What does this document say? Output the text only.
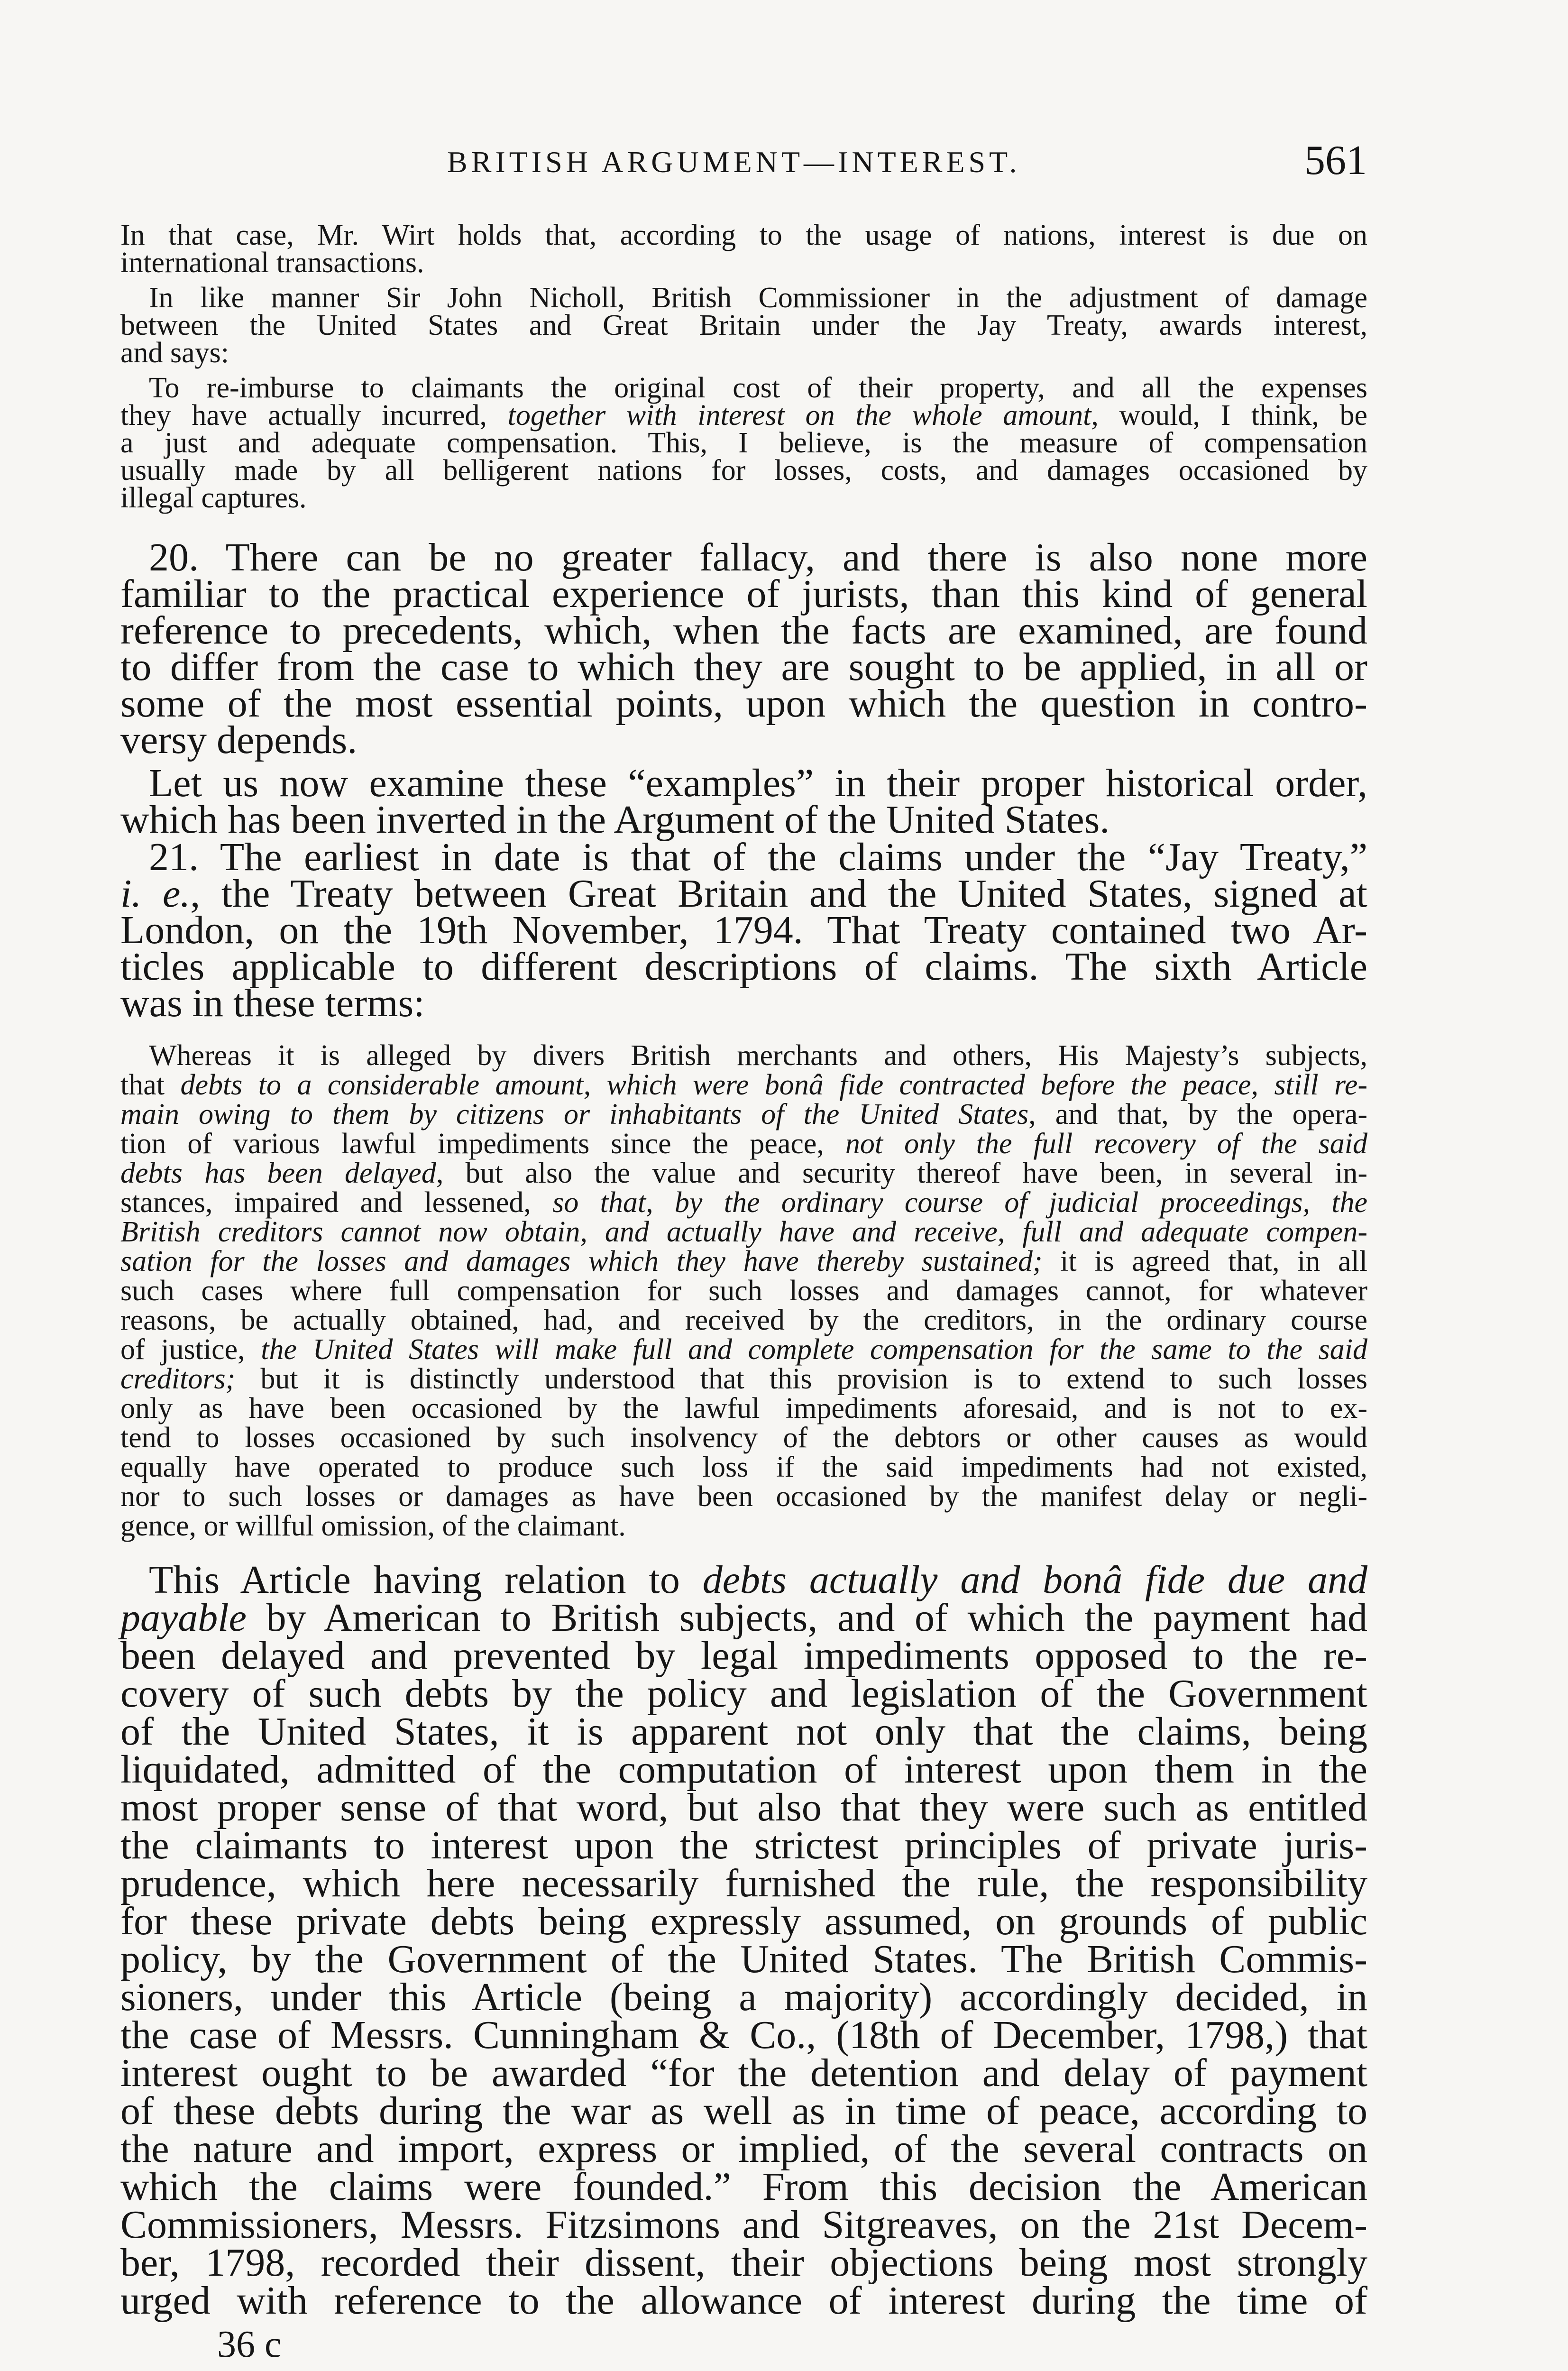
BRITISH ARGUMENT—INTEREST.	561
In that case, Mr. Wirt holds that, according to the usage of nations, interest is due on
international transactions.
In like manner Sir John Nicholl, British Commissioner in the adjustment of damage
between the United States and Great Britain under the Jay Treaty, awards interest,
and says:
To re-imburse to claimants the original cost of their property, and all the expenses
they have actually incurred, together with interest on the whole amount, would, I think, be
a just and adequate compensation. This, I believe, is the measure of compensation
usually made by all belligerent nations for losses, costs, and damages occasioned by
illegal captures.
20. There can be no greater fallacy, and there is also none more
familiar to the practical experience of jurists, than this kind of general
reference to precedents, which, when the facts are examined, are found
to differ from the case to which they are sought to be applied, in all or
some of the most essential points, upon which the question in contro-
versy depends.
Let us now examine these “examples” in their proper historical order,
which has been inverted in the Argument of the United States.
21. The earliest in date is that of the claims under the “Jay Treaty,”
i. e., the Treaty between Great Britain and the United States, signed at
London, on the 19th November, 1794. That Treaty contained two Ar-
ticles applicable to different descriptions of claims. The sixth Article
was in these terms:
Whereas it is alleged by divers British merchants and others, His Majesty’s subjects,
that debts to a considerable amount, which were bonâ fide contracted before the peace, still re-
main owing to them by citizens or inhabitants of the United States, and that, by the opera-
tion of various lawful impediments since the peace, not only the full recovery of the said
debts has been delayed, but also the value and security thereof have been, in several in-
stances, impaired and lessened, so that, by the ordinary course of judicial proceedings, the
British creditors cannot now obtain, and actually have and receive, full and adequate compen-
sation for the losses and damages which they have thereby sustained; it is agreed that, in all
such cases where full compensation for such losses and damages cannot, for whatever
reasons, be actually obtained, had, and received by the creditors, in the ordinary course
of justice, the United States will make full and complete compensation for the same to the said
creditors; but it is distinctly understood that this provision is to extend to such losses
only as have been occasioned by the lawful impediments aforesaid, and is not to ex-
tend to losses occasioned by such insolvency of the debtors or other causes as would
equally have operated to produce such loss if the said impediments had not existed,
nor to such losses or damages as have been occasioned by the manifest delay or negli-
gence, or willful omission, of the claimant.
This Article having relation to debts actually and bonâ fide due and
payable by American to British subjects, and of which the payment had
been delayed and prevented by legal impediments opposed to the re-
covery of such debts by the policy and legislation of the Government
of the United States, it is apparent not only that the claims, being
liquidated, admitted of the computation of interest upon them in the
most proper sense of that word, but also that they were such as entitled
the claimants to interest upon the strictest principles of private juris-
prudence, which here necessarily furnished the rule, the responsibility
for these private debts being expressly assumed, on grounds of public
policy, by the Government of the United States. The British Commis-
sioners, under this Article (being a majority) accordingly decided, in
the case of Messrs. Cunningham & Co., (18th of December, 1798,) that
interest ought to be awarded “for the detention and delay of payment
of these debts during the war as well as in time of peace, according to
the nature and import, express or implied, of the several contracts on
which the claims were founded.” From this decision the American
Commissioners, Messrs. Fitzsimons and Sitgreaves, on the 21st Decem-
ber, 1798, recorded their dissent, their objections being most strongly
urged with reference to the allowance of interest during the time of
36 c
